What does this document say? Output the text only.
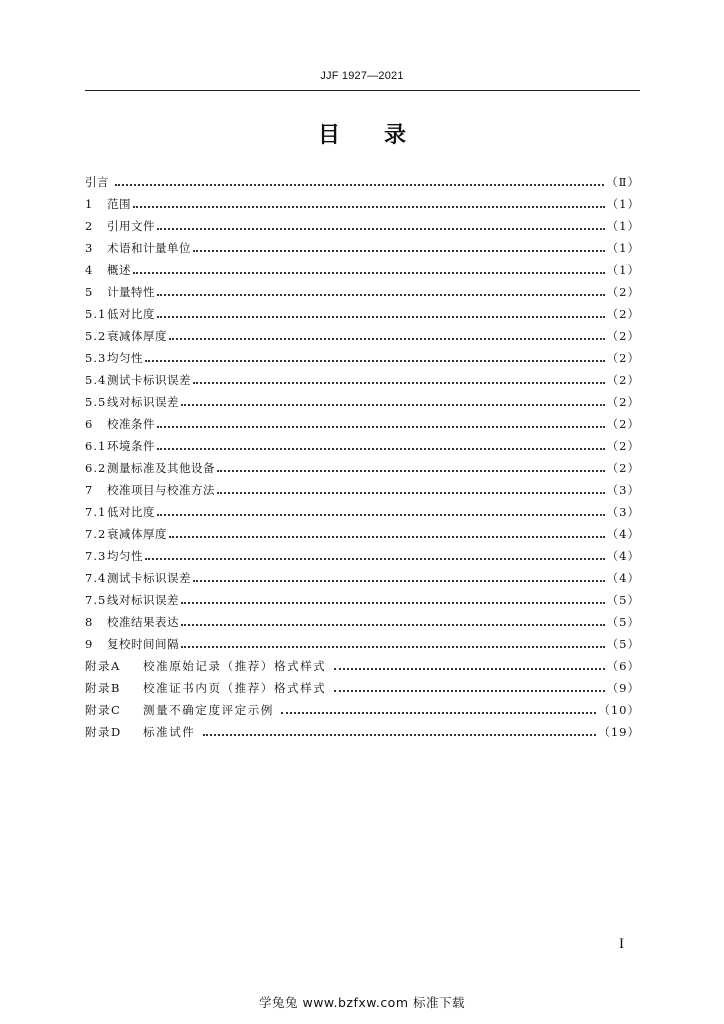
JJF 1927—2021
目录
引言	（Ⅱ）
1	范围	（1）
2	引用文件	（1）
3	术语和计量单位	（1）
4	概述	（1）
5	计量特性	（2）
5.1 低对比度	（2）
5.2 衰减体厚度	（2）
5.3 均匀性	（2）
5.4 测试卡标识误差	（2）
5.5 线对标识误差	（2）
6	校准条件	（2）
6.1 环境条件	（2）
6.2 测量标准及其他设备	（2）
7	校准项目与校准方法	（3）
7.1 低对比度	（3）
7.2 衰减体厚度	（4）
7.3 均匀性	（4）
7.4 测试卡标识误差	（4）
7.5 线对标识误差	（5）
8	校准结果表达	（5）
9	复校时间间隔	（5）
附录A	校准原始记录（推荐）格式样式	（6）
附录B	校准证书内页（推荐）格式样式	（9）
附录C	测量不确定度评定示例	（10）
附录D	标准试件	（19）
I
学兔兔 www.bzfxw.com 标准下载
